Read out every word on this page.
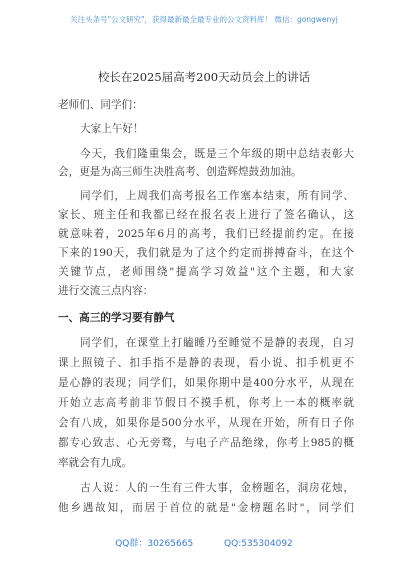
关注头条号"公文研究"，获得最新最全最专业的公文资料库！ 微信：gongwenyj
校长在2025届高考200天动员会上的讲话
老师们、同学们：
大家上午好！
今天，我们隆重集会，既是三个年级的期中总结表彰大
会，更是为高三师生决胜高考、创造辉煌鼓劲加油。
同学们，上周我们高考报名工作塞本结束，所有同学、
家长、班主任和我都已经在报名表上进行了签名确认，这
就意味着，2025年6月的高考，我们已经提前约定。在接
下来的190天，我们就是为了这个约定而拼搏奋斗，在这个
关键节点，老师围绕"提高学习效益"这个主题，和大家
进行交流三点内容：
一、高三的学习要有静气
同学们，在课堂上打瞌睡乃至睡觉不是静的表现，自习
课上照镜子、扣手指不是静的表现，看小说、扣手机更不
是心静的表现；同学们，如果你期中是400分水平，从现在
开始立志高考前非节假日不摸手机，你考上一本的概率就
会有八成，如果你是500分水平，从现在开始，所有日子你
都专心致志、心无旁骛，与电子产品绝缘，你考上985的概
率就会有九成。
古人说：人的一生有三件大事，金榜题名，洞房花烛，
他乡遇故知，而居于首位的就是"金榜题名时"，同学们
QQ群：30265665	QQ:535304092
